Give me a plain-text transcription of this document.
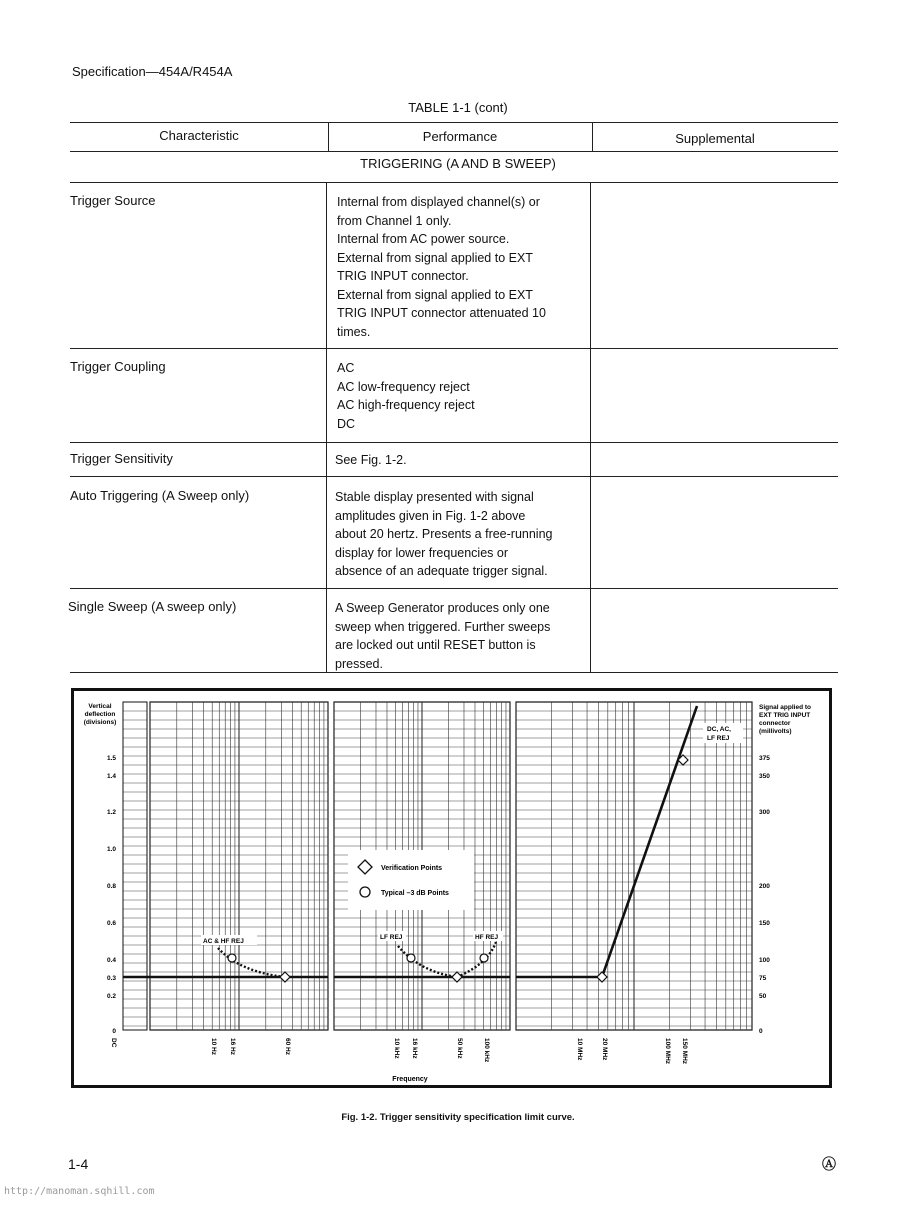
Specification—454A/R454A
TABLE 1-1 (cont)
Characteristic	Performance	Supplemental
TRIGGERING (A AND B SWEEP)
Trigger Source	Internal from displayed channel(s) or
from Channel 1 only.
Internal from AC power source.
External from signal applied to EXT
TRIG INPUT connector.
External from signal applied to EXT
TRIG INPUT connector attenuated 10
times.
Trigger Coupling	AC
AC low-frequency reject
AC high-frequency reject
DC
Trigger Sensitivity	See Fig. 1-2.
Auto Triggering (A Sweep only)	Stable display presented with signal
amplitudes given in Fig. 1-2 above
about 20 hertz. Presents a free-running
display for lower frequencies or
absence of an adequate trigger signal.
Single Sweep (A sweep only)	A Sweep Generator produces only one
sweep when triggered. Further sweeps
are locked out until RESET button is
pressed.
Vertical
deflection
(divisions)
Signal applied to
EXT TRIG INPUT
connector
(millivolts)
0
0.2
0.3
0.4
0.6
0.8
1.0
1.2
1.4
1.5
0
50
75
100
150
200
300
350
375
DC	10 Hz 16 Hz	60 Hz	10 kHz 16 kHz	50 kHz	100 kHz	10 MHz	20 MHz	100 MHz 150 MHz
Verification Points
Typical –3 dB Points
AC & HF REJ
LF REJ	HF REJ
DC, AC,
LF REJ
Frequency
Fig. 1-2. Trigger sensitivity specification limit curve.
1-4	Ⓐ
http://manoman.sqhill.com
